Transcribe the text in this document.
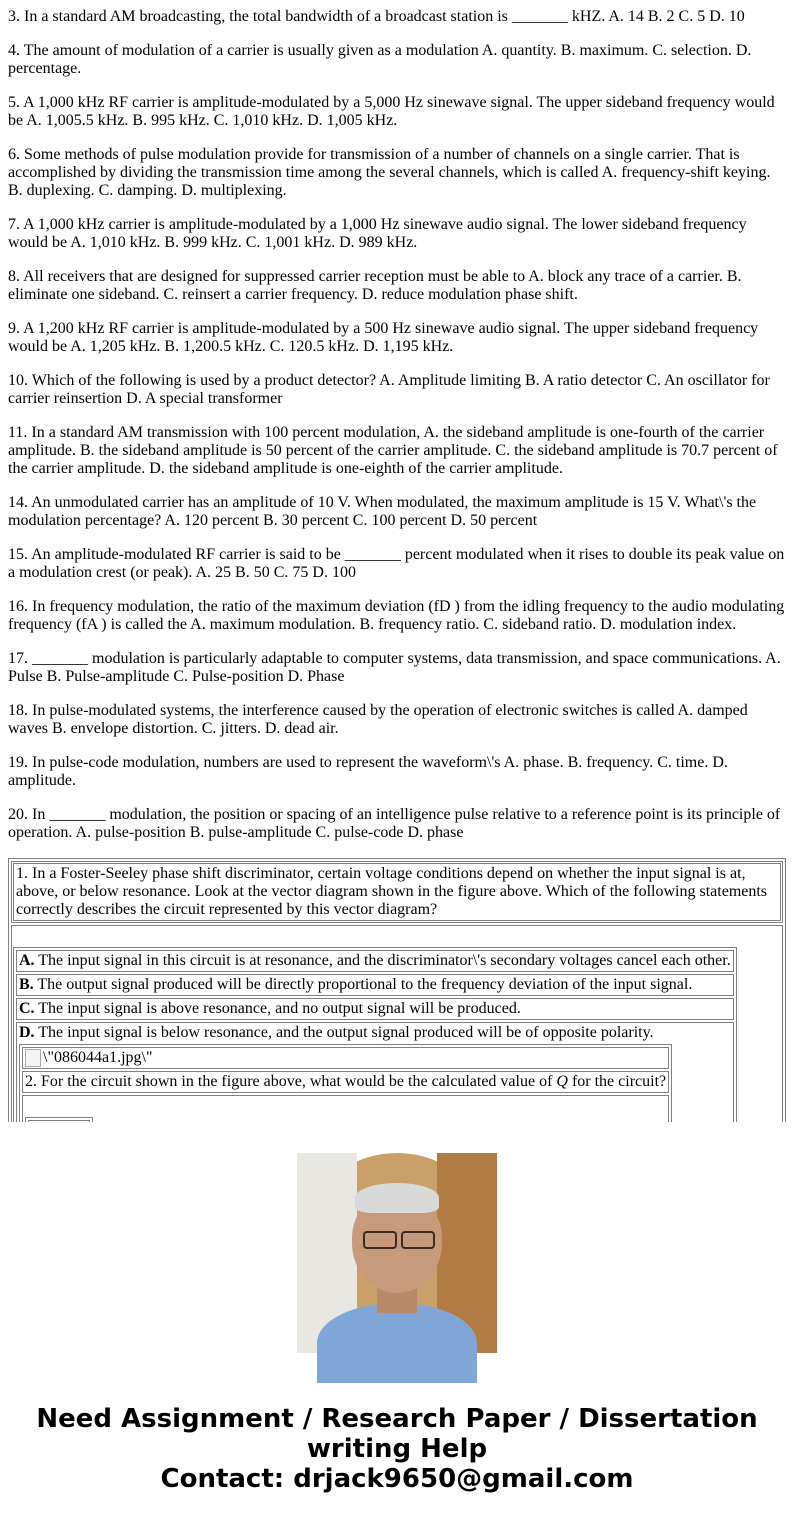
3. In a standard AM broadcasting, the total bandwidth of a broadcast station is _______ kHZ. A. 14 B. 2 C. 5 D. 10
4. The amount of modulation of a carrier is usually given as a modulation A. quantity. B. maximum. C. selection. D. percentage.
5. A 1,000 kHz RF carrier is amplitude-modulated by a 5,000 Hz sinewave signal. The upper sideband frequency would be A. 1,005.5 kHz. B. 995 kHz. C. 1,010 kHz. D. 1,005 kHz.
6. Some methods of pulse modulation provide for transmission of a number of channels on a single carrier. That is accomplished by dividing the transmission time among the several channels, which is called A. frequency-shift keying. B. duplexing. C. damping. D. multiplexing.
7. A 1,000 kHz carrier is amplitude-modulated by a 1,000 Hz sinewave audio signal. The lower sideband frequency would be A. 1,010 kHz. B. 999 kHz. C. 1,001 kHz. D. 989 kHz.
8. All receivers that are designed for suppressed carrier reception must be able to A. block any trace of a carrier. B. eliminate one sideband. C. reinsert a carrier frequency. D. reduce modulation phase shift.
9. A 1,200 kHz RF carrier is amplitude-modulated by a 500 Hz sinewave audio signal. The upper sideband frequency would be A. 1,205 kHz. B. 1,200.5 kHz. C. 120.5 kHz. D. 1,195 kHz.
10. Which of the following is used by a product detector? A. Amplitude limiting B. A ratio detector C. An oscillator for carrier reinsertion D. A special transformer
11. In a standard AM transmission with 100 percent modulation, A. the sideband amplitude is one-fourth of the carrier amplitude. B. the sideband amplitude is 50 percent of the carrier amplitude. C. the sideband amplitude is 70.7 percent of the carrier amplitude. D. the sideband amplitude is one-eighth of the carrier amplitude.
14. An unmodulated carrier has an amplitude of 10 V. When modulated, the maximum amplitude is 15 V. What\'s the modulation percentage? A. 120 percent B. 30 percent C. 100 percent D. 50 percent
15. An amplitude-modulated RF carrier is said to be _______ percent modulated when it rises to double its peak value on a modulation crest (or peak). A. 25 B. 50 C. 75 D. 100
16. In frequency modulation, the ratio of the maximum deviation (fD ) from the idling frequency to the audio modulating frequency (fA ) is called the A. maximum modulation. B. frequency ratio. C. sideband ratio. D. modulation index.
17. _______ modulation is particularly adaptable to computer systems, data transmission, and space communications. A. Pulse B. Pulse-amplitude C. Pulse-position D. Phase
18. In pulse-modulated systems, the interference caused by the operation of electronic switches is called A. damped waves B. envelope distortion. C. jitters. D. dead air.
19. In pulse-code modulation, numbers are used to represent the waveform\'s A. phase. B. frequency. C. time. D. amplitude.
20. In _______ modulation, the position or spacing of an intelligence pulse relative to a reference point is its principle of operation. A. pulse-position B. pulse-amplitude C. pulse-code D. phase
1. In a Foster-Seeley phase shift discriminator, certain voltage conditions depend on whether the input signal is at, above, or below resonance. Look at the vector diagram shown in the figure above. Which of the following statements correctly describes the circuit represented by this vector diagram?

A. The input signal in this circuit is at resonance, and the discriminator\'s secondary voltages cancel each other.
B. The output signal produced will be directly proportional to the frequency deviation of the input signal.
C. The input signal is above resonance, and no output signal will be produced.
D. The input signal is below resonance, and the output signal produced will be of opposite polarity.
\"086044a1.jpg\"
2. For the circuit shown in the figure above, what would be the calculated value of Q for the circuit?

Need Assignment / Research Paper / Dissertation
writing Help
Contact: drjack9650@gmail.com
